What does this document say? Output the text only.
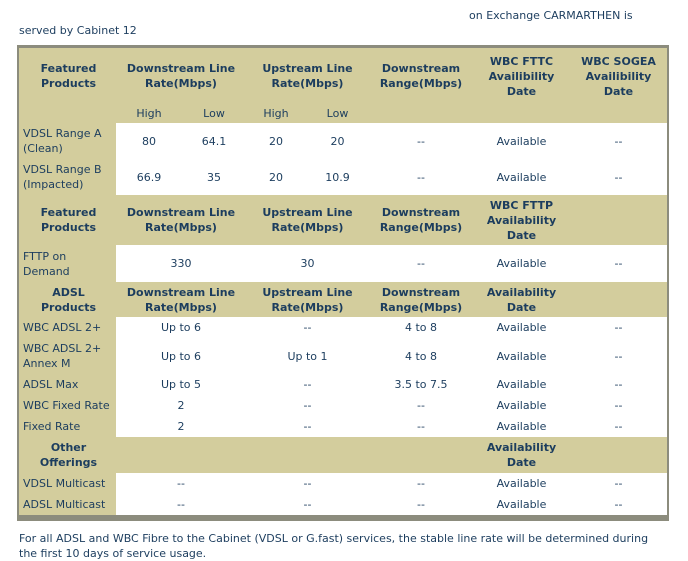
on Exchange CARMARTHEN is
served by Cabinet 12
Featured Products	Downstream Line Rate(Mbps)		Upstream Line Rate(Mbps)		Downstream Range(Mbps)	WBC FTTC Availibility Date	WBC SOGEA Availibility Date
	High	Low	High	Low			
VDSL Range A (Clean)	80	64.1	20	20	--	Available	--
VDSL Range B (Impacted)	66.9	35	20	10.9	--	Available	--
Featured Products	Downstream Line Rate(Mbps)		Upstream Line Rate(Mbps)		Downstream Range(Mbps)	WBC FTTP Availability Date	
FTTP on Demand	330		30		--	Available	--
ADSL Products	Downstream Line Rate(Mbps)		Upstream Line Rate(Mbps)		Downstream Range(Mbps)	Availability Date	
WBC ADSL 2+	Up to 6		--		4 to 8	Available	--
WBC ADSL 2+ Annex M	Up to 6		Up to 1		4 to 8	Available	--
ADSL Max	Up to 5		--		3.5 to 7.5	Available	--
WBC Fixed Rate	2		--		--	Available	--
Fixed Rate	2		--		--	Available	--
Other Offerings						Availability Date	
VDSL Multicast	--		--		--	Available	--
ADSL Multicast	--		--		--	Available	--
For all ADSL and WBC Fibre to the Cabinet (VDSL or G.fast) services, the stable line rate will be determined during the first 10 days of service usage.
